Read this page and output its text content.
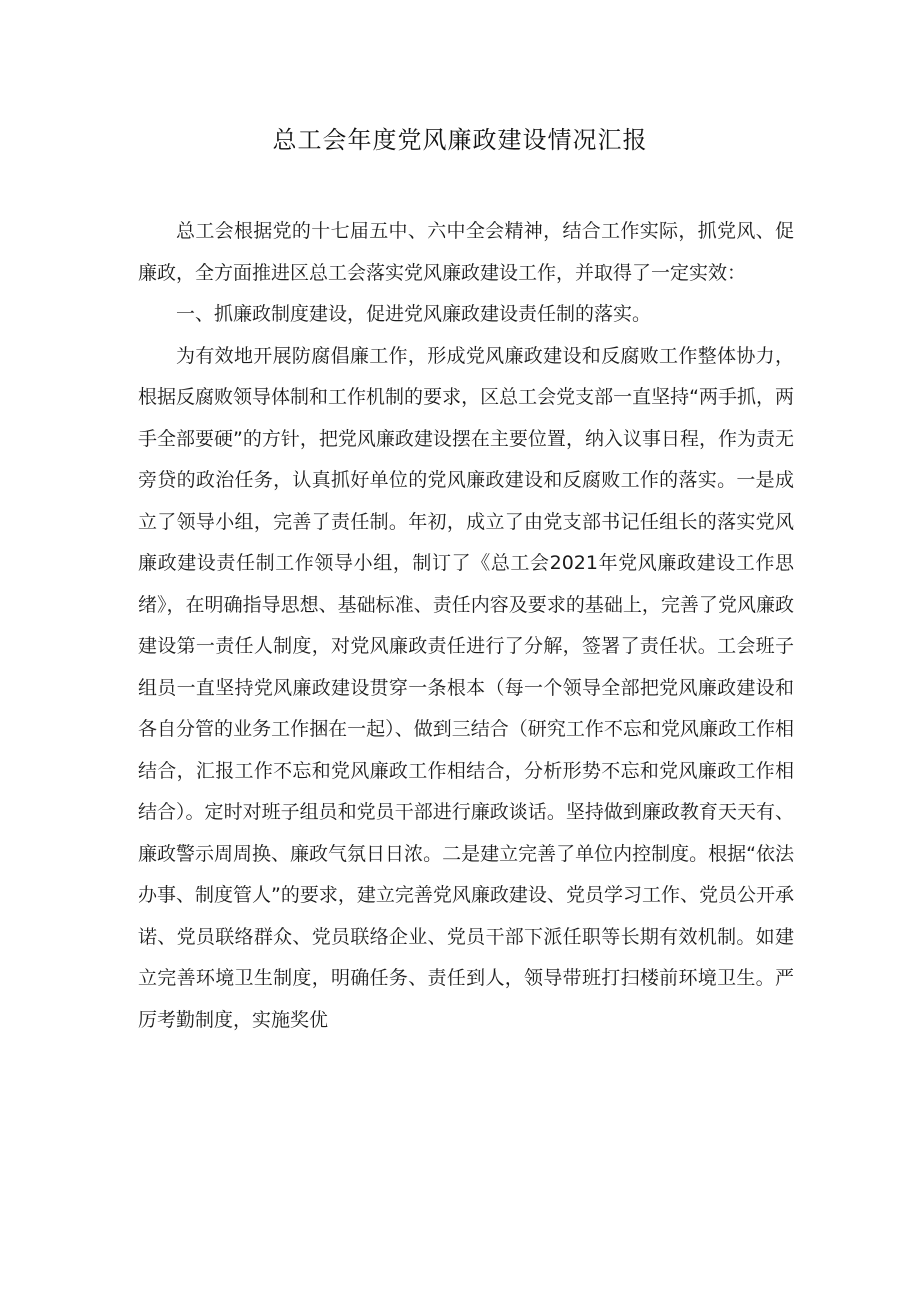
总工会年度党风廉政建设情况汇报

总工会根据党的十七届五中、六中全会精神，结合工作实际，抓党风、促廉政，全方面推进区总工会落实党风廉政建设工作，并取得了一定实效：

一、抓廉政制度建设，促进党风廉政建设责任制的落实。

为有效地开展防腐倡廉工作，形成党风廉政建设和反腐败工作整体协力，根据反腐败领导体制和工作机制的要求，区总工会党支部一直坚持“两手抓，两手全部要硬”的方针，把党风廉政建设摆在主要位置，纳入议事日程，作为责无旁贷的政治任务，认真抓好单位的党风廉政建设和反腐败工作的落实。一是成立了领导小组，完善了责任制。年初，成立了由党支部书记任组长的落实党风廉政建设责任制工作领导小组，制订了《总工会2021年党风廉政建设工作思绪》，在明确指导思想、基础标准、责任内容及要求的基础上，完善了党风廉政建设第一责任人制度，对党风廉政责任进行了分解，签署了责任状。工会班子组员一直坚持党风廉政建设贯穿一条根本（每一个领导全部把党风廉政建设和各自分管的业务工作捆在一起）、做到三结合（研究工作不忘和党风廉政工作相结合，汇报工作不忘和党风廉政工作相结合，分析形势不忘和党风廉政工作相结合）。定时对班子组员和党员干部进行廉政谈话。坚持做到廉政教育天天有、廉政警示周周换、廉政气氛日日浓。二是建立完善了单位内控制度。根据“依法办事、制度管人”的要求，建立完善党风廉政建设、党员学习工作、党员公开承诺、党员联络群众、党员联络企业、党员干部下派任职等长期有效机制。如建立完善环境卫生制度，明确任务、责任到人，领导带班打扫楼前环境卫生。严厉考勤制度，实施奖优
